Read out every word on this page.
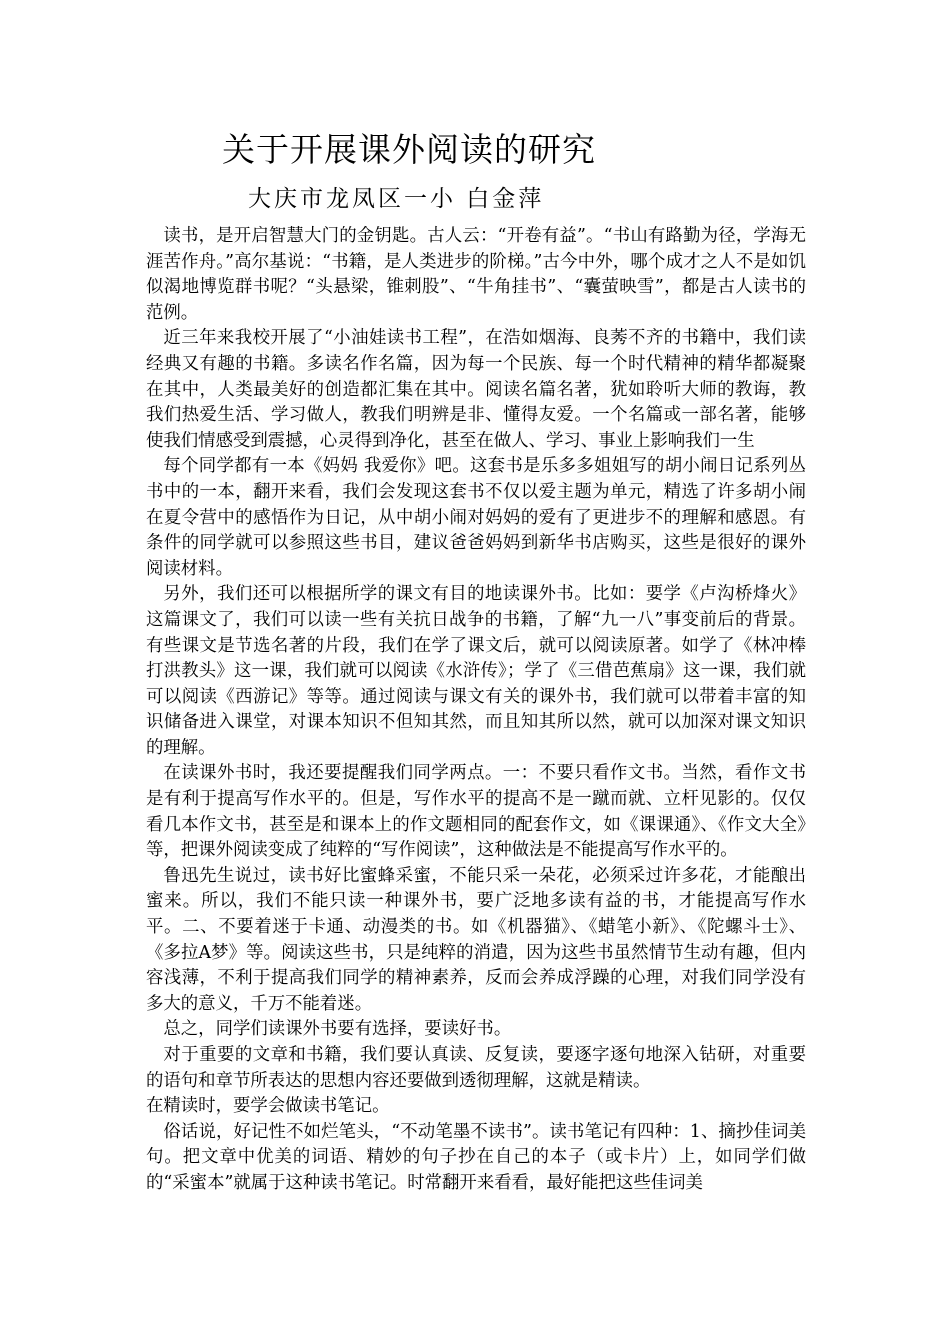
关于开展课外阅读的研究
大庆市龙凤区一小 白金萍

读书，是开启智慧大门的金钥匙。古人云：“开卷有益”。“书山有路勤为径，学海无涯苦作舟。”高尔基说：“书籍，是人类进步的阶梯。”古今中外，哪个成才之人不是如饥似渴地博览群书呢？“头悬梁，锥刺股”、“牛角挂书”、“囊萤映雪”，都是古人读书的范例。

近三年来我校开展了“小油娃读书工程”，在浩如烟海、良莠不齐的书籍中，我们读经典又有趣的书籍。多读名作名篇，因为每一个民族、每一个时代精神的精华都凝聚在其中，人类最美好的创造都汇集在其中。阅读名篇名著，犹如聆听大师的教诲，教我们热爱生活、学习做人，教我们明辨是非、懂得友爱。一个名篇或一部名著，能够使我们情感受到震撼，心灵得到净化，甚至在做人、学习、事业上影响我们一生

每个同学都有一本《妈妈 我爱你》吧。这套书是乐多多姐姐写的胡小闹日记系列丛书中的一本，翻开来看，我们会发现这套书不仅以爱主题为单元，精选了许多胡小闹在夏令营中的感悟作为日记，从中胡小闹对妈妈的爱有了更进步不的理解和感恩。有条件的同学就可以参照这些书目，建议爸爸妈妈到新华书店购买，这些是很好的课外阅读材料。

另外，我们还可以根据所学的课文有目的地读课外书。比如：要学《卢沟桥烽火》这篇课文了，我们可以读一些有关抗日战争的书籍，了解“九一八”事变前后的背景。有些课文是节选名著的片段，我们在学了课文后，就可以阅读原著。如学了《林冲棒打洪教头》这一课，我们就可以阅读《水浒传》；学了《三借芭蕉扇》这一课，我们就可以阅读《西游记》等等。通过阅读与课文有关的课外书，我们就可以带着丰富的知识储备进入课堂，对课本知识不但知其然，而且知其所以然，就可以加深对课文知识的理解。

在读课外书时，我还要提醒我们同学两点。一：不要只看作文书。当然，看作文书是有利于提高写作水平的。但是，写作水平的提高不是一蹴而就、立杆见影的。仅仅看几本作文书，甚至是和课本上的作文题相同的配套作文，如《课课通》、《作文大全》等，把课外阅读变成了纯粹的“写作阅读”，这种做法是不能提高写作水平的。

鲁迅先生说过，读书好比蜜蜂采蜜，不能只采一朵花，必须采过许多花，才能酿出蜜来。所以，我们不能只读一种课外书，要广泛地多读有益的书，才能提高写作水平。二、不要着迷于卡通、动漫类的书。如《机器猫》、《蜡笔小新》、《陀螺斗士》、《多拉A梦》等。阅读这些书，只是纯粹的消遣，因为这些书虽然情节生动有趣，但内容浅薄，不利于提高我们同学的精神素养，反而会养成浮躁的心理，对我们同学没有多大的意义，千万不能着迷。

总之，同学们读课外书要有选择，要读好书。

对于重要的文章和书籍，我们要认真读、反复读，要逐字逐句地深入钻研，对重要的语句和章节所表达的思想内容还要做到透彻理解，这就是精读。

在精读时，要学会做读书笔记。

俗话说，好记性不如烂笔头，“不动笔墨不读书”。读书笔记有四种：1、摘抄佳词美句。把文章中优美的词语、精妙的句子抄在自己的本子（或卡片）上，如同学们做的“采蜜本”就属于这种读书笔记。时常翻开来看看，最好能把这些佳词美
